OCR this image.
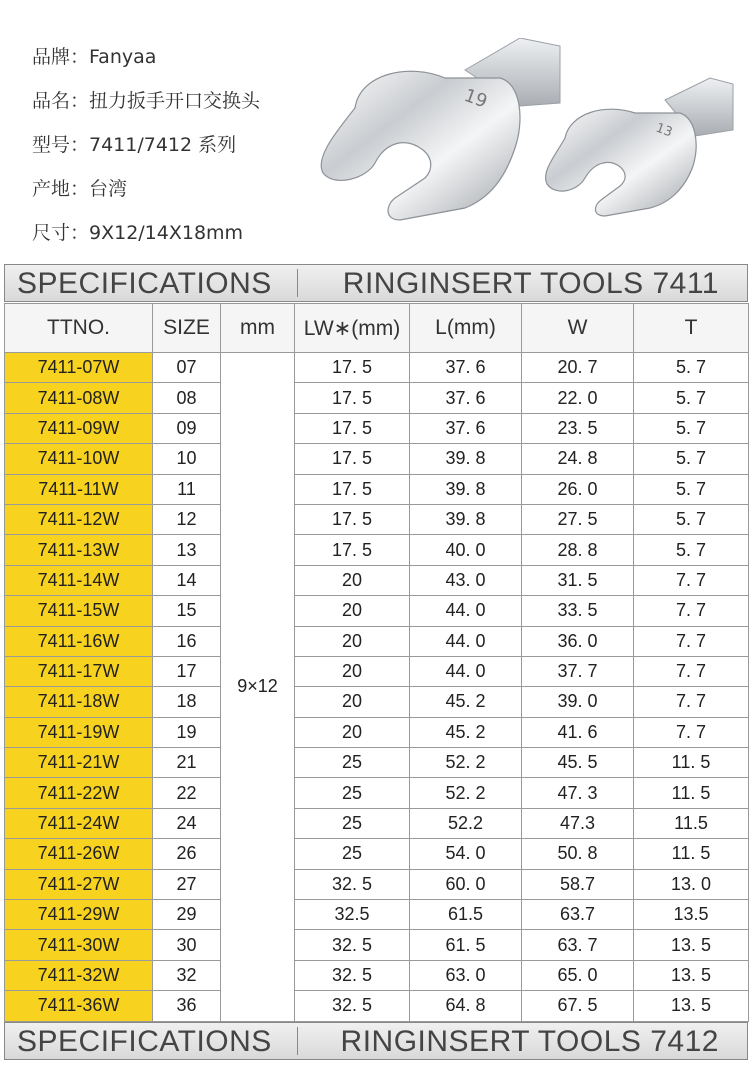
品牌：Fanyaa
品名：扭力扳手开口交换头
型号：7411/7412 系列
产地：台湾
尺寸：9X12/14X18mm
19
13
SPECIFICATIONS RINGINSERT TOOLS 7411
TTNO.	SIZE	mm	LW∗(mm)	L(mm)	W	T
7411-07W	07	9×12	17. 5	37. 6	20. 7	5. 7
7411-08W	08		17. 5	37. 6	22. 0	5. 7
7411-09W	09		17. 5	37. 6	23. 5	5. 7
7411-10W	10		17. 5	39. 8	24. 8	5. 7
7411-11W	11		17. 5	39. 8	26. 0	5. 7
7411-12W	12		17. 5	39. 8	27. 5	5. 7
7411-13W	13		17. 5	40. 0	28. 8	5. 7
7411-14W	14		20	43. 0	31. 5	7. 7
7411-15W	15		20	44. 0	33. 5	7. 7
7411-16W	16		20	44. 0	36. 0	7. 7
7411-17W	17		20	44. 0	37. 7	7. 7
7411-18W	18		20	45. 2	39. 0	7. 7
7411-19W	19		20	45. 2	41. 6	7. 7
7411-21W	21		25	52. 2	45. 5	11. 5
7411-22W	22		25	52. 2	47. 3	11. 5
7411-24W	24		25	52.2	47.3	11.5
7411-26W	26		25	54. 0	50. 8	11. 5
7411-27W	27		32. 5	60. 0	58.7	13. 0
7411-29W	29		32.5	61.5	63.7	13.5
7411-30W	30		32. 5	61. 5	63. 7	13. 5
7411-32W	32		32. 5	63. 0	65. 0	13. 5
7411-36W	36		32. 5	64. 8	67. 5	13. 5
SPECIFICATIONS RINGINSERT TOOLS 7412
